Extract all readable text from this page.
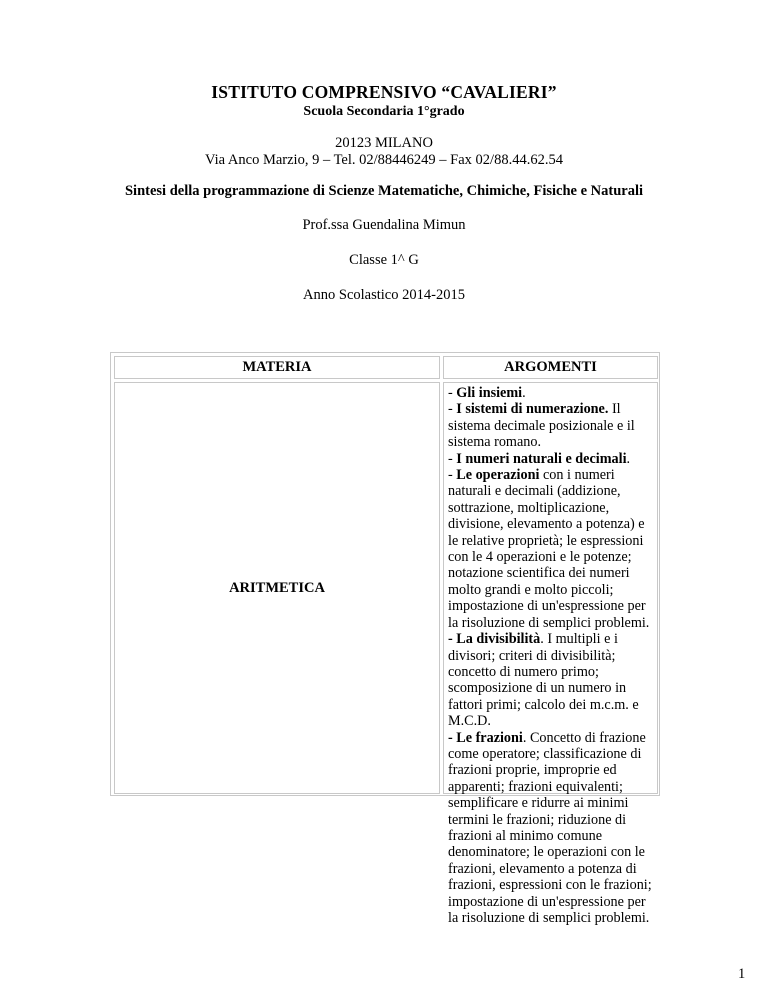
ISTITUTO COMPRENSIVO “CAVALIERI”
Scuola Secondaria 1°grado
20123 MILANO
Via Anco Marzio, 9 – Tel. 02/88446249 – Fax 02/88.44.62.54
Sintesi della programmazione di Scienze Matematiche, Chimiche, Fisiche e Naturali
Prof.ssa Guendalina Mimun
Classe 1^ G
Anno Scolastico 2014-2015
MATERIA	ARGOMENTI
ARITMETICA

- Gli insiemi.

- I sistemi di numerazione. Il sistema decimale posizionale e il sistema romano.

- I numeri naturali e decimali.

- Le operazioni con i numeri naturali e decimali (addizione, sottrazione, moltiplicazione, divisione, elevamento a potenza) e le relative proprietà; le espressioni con le 4 operazioni e le potenze; notazione scientifica dei numeri molto grandi e molto piccoli; impostazione di un'espressione per la risoluzione di semplici problemi.

- La divisibilità. I multipli e i divisori; criteri di divisibilità; concetto di numero primo; scomposizione di un numero in fattori primi; calcolo dei m.c.m. e M.C.D.

- Le frazioni. Concetto di frazione come operatore; classificazione di frazioni proprie, improprie ed apparenti; frazioni equivalenti; semplificare e ridurre ai minimi termini le frazioni; riduzione di frazioni al minimo comune denominatore; le operazioni con le frazioni, elevamento a potenza di frazioni, espressioni con le frazioni; impostazione di un'espressione per la risoluzione di semplici problemi.

1
